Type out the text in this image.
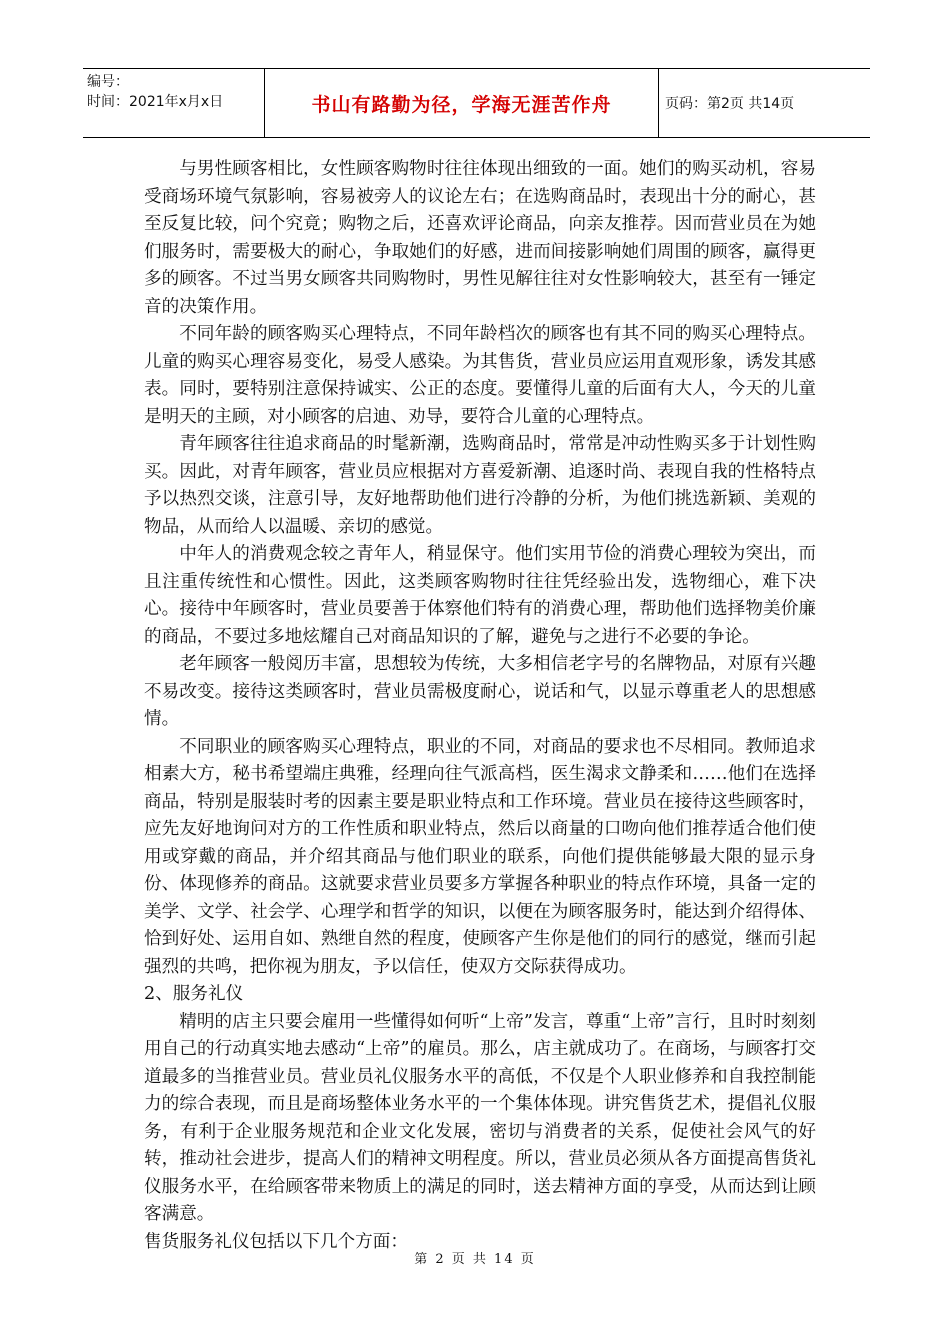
编号：
时间：2021年x月x日	书山有路勤为径，学海无涯苦作舟	页码：第2页 共14页

与男性顾客相比，女性顾客购物时往往体现出细致的一面。她们的购买动机，容易受商场环境气氛影响，容易被旁人的议论左右；在选购商品时，表现出十分的耐心，甚至反复比较，问个究竟；购物之后，还喜欢评论商品，向亲友推荐。因而营业员在为她们服务时，需要极大的耐心，争取她们的好感，进而间接影响她们周围的顾客，赢得更多的顾客。不过当男女顾客共同购物时，男性见解往往对女性影响较大，甚至有一锤定音的决策作用。

不同年龄的顾客购买心理特点，不同年龄档次的顾客也有其不同的购买心理特点。儿童的购买心理容易变化，易受人感染。为其售货，营业员应运用直观形象，诱发其感表。同时，要特别注意保持诚实、公正的态度。要懂得儿童的后面有大人，今天的儿童是明天的主顾，对小顾客的启迪、劝导，要符合儿童的心理特点。

青年顾客往往追求商品的时髦新潮，选购商品时，常常是冲动性购买多于计划性购买。因此，对青年顾客，营业员应根据对方喜爱新潮、追逐时尚、表现自我的性格特点予以热烈交谈，注意引导，友好地帮助他们进行冷静的分析，为他们挑选新颖、美观的物品，从而给人以温暖、亲切的感觉。

中年人的消费观念较之青年人，稍显保守。他们实用节俭的消费心理较为突出，而且注重传统性和心惯性。因此，这类顾客购物时往往凭经验出发，选物细心，难下决心。接待中年顾客时，营业员要善于体察他们特有的消费心理，帮助他们选择物美价廉的商品，不要过多地炫耀自己对商品知识的了解，避免与之进行不必要的争论。

老年顾客一般阅历丰富，思想较为传统，大多相信老字号的名牌物品，对原有兴趣不易改变。接待这类顾客时，营业员需极度耐心，说话和气，以显示尊重老人的思想感情。

不同职业的顾客购买心理特点，职业的不同，对商品的要求也不尽相同。教师追求相素大方，秘书希望端庄典雅，经理向往气派高档，医生渴求文静柔和……他们在选择商品，特别是服装时考的因素主要是职业特点和工作环境。营业员在接待这些顾客时，应先友好地询问对方的工作性质和职业特点，然后以商量的口吻向他们推荐适合他们使用或穿戴的商品，并介绍其商品与他们职业的联系，向他们提供能够最大限的显示身份、体现修养的商品。这就要求营业员要多方掌握各种职业的特点作环境，具备一定的美学、文学、社会学、心理学和哲学的知识，以便在为顾客服务时，能达到介绍得体、恰到好处、运用自如、熟绁自然的程度，使顾客产生你是他们的同行的感觉，继而引起强烈的共鸣，把你视为朋友，予以信任，使双方交际获得成功。

2、服务礼仪

精明的店主只要会雇用一些懂得如何听“上帝”发言，尊重“上帝”言行，且时时刻刻用自己的行动真实地去感动“上帝”的雇员。那么，店主就成功了。在商场，与顾客打交道最多的当推营业员。营业员礼仪服务水平的高低，不仅是个人职业修养和自我控制能力的综合表现，而且是商场整体业务水平的一个集体体现。讲究售货艺术，提倡礼仪服务，有利于企业服务规范和企业文化发展，密切与消费者的关系，促使社会风气的好转，推动社会进步，提高人们的精神文明程度。所以，营业员必须从各方面提高售货礼仪服务水平，在给顾客带来物质上的满足的同时，送去精神方面的享受，从而达到让顾客满意。

售货服务礼仪包括以下几个方面：

第 2 页 共 14 页
